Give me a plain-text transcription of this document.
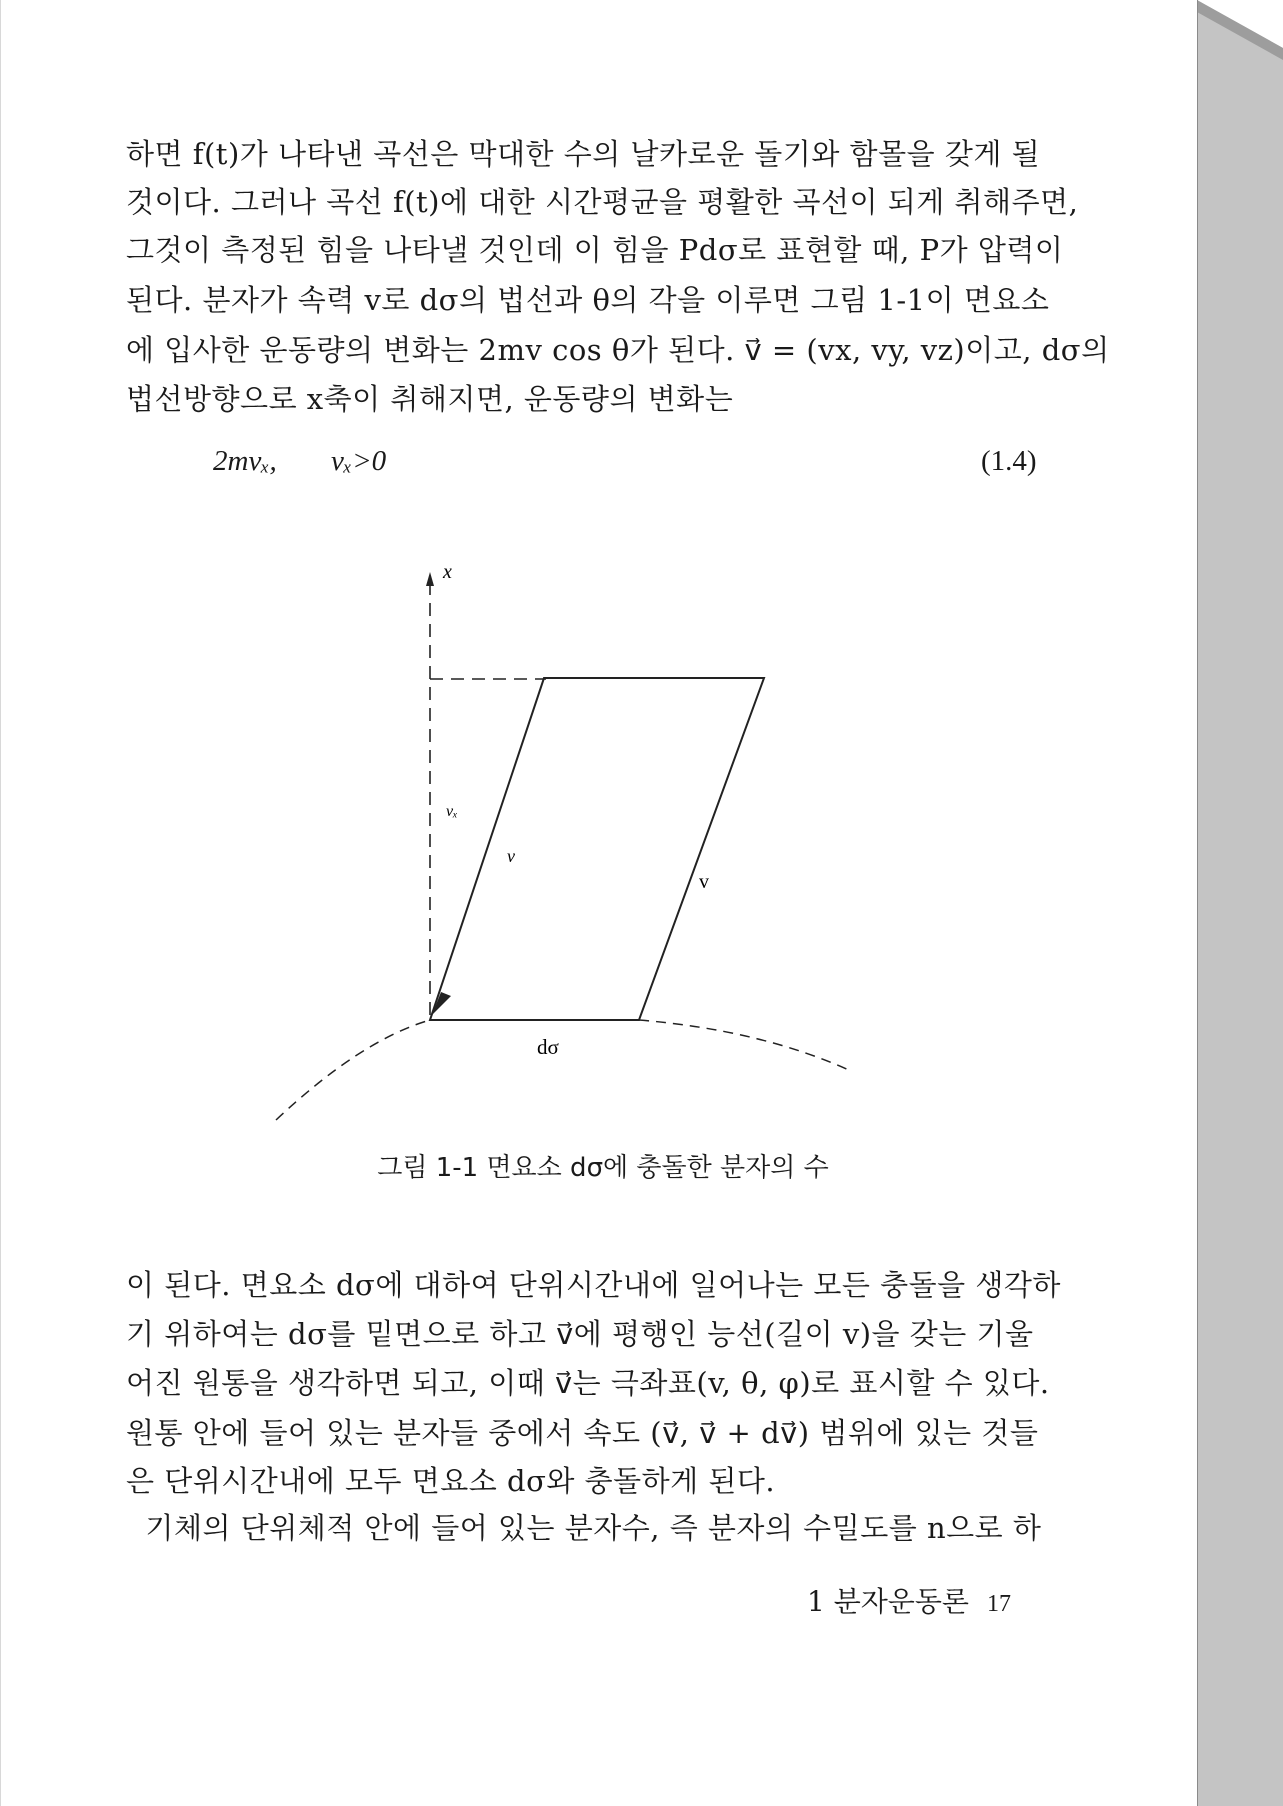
하면 f(t)가 나타낸 곡선은 막대한 수의 날카로운 돌기와 함몰을 갖게 될
것이다. 그러나 곡선 f(t)에 대한 시간평균을 평활한 곡선이 되게 취해주면,
그것이 측정된 힘을 나타낼 것인데 이 힘을 Pdσ로 표현할 때, P가 압력이
된다. 분자가 속력 v로 dσ의 법선과 θ의 각을 이루면 그림 1-1이 면요소
에 입사한 운동량의 변화는 2mv cos θ가 된다. v⃗ = (vx, vy, vz)이고, dσ의
법선방향으로 x축이 취해지면, 운동량의 변화는
2mvₓ, vₓ>0	(1.4)
x
vₓ
v⃗
v
dσ
그림 1-1 면요소 dσ에 충돌한 분자의 수
이 된다. 면요소 dσ에 대하여 단위시간내에 일어나는 모든 충돌을 생각하
기 위하여는 dσ를 밑면으로 하고 v⃗에 평행인 능선(길이 v)을 갖는 기울
어진 원통을 생각하면 되고, 이때 v⃗는 극좌표(v, θ, φ)로 표시할 수 있다.
원통 안에 들어 있는 분자들 중에서 속도 (v⃗, v⃗ + dv⃗) 범위에 있는 것들
은 단위시간내에 모두 면요소 dσ와 충돌하게 된다.
기체의 단위체적 안에 들어 있는 분자수, 즉 분자의 수밀도를 n으로 하
1 분자운동론 17
